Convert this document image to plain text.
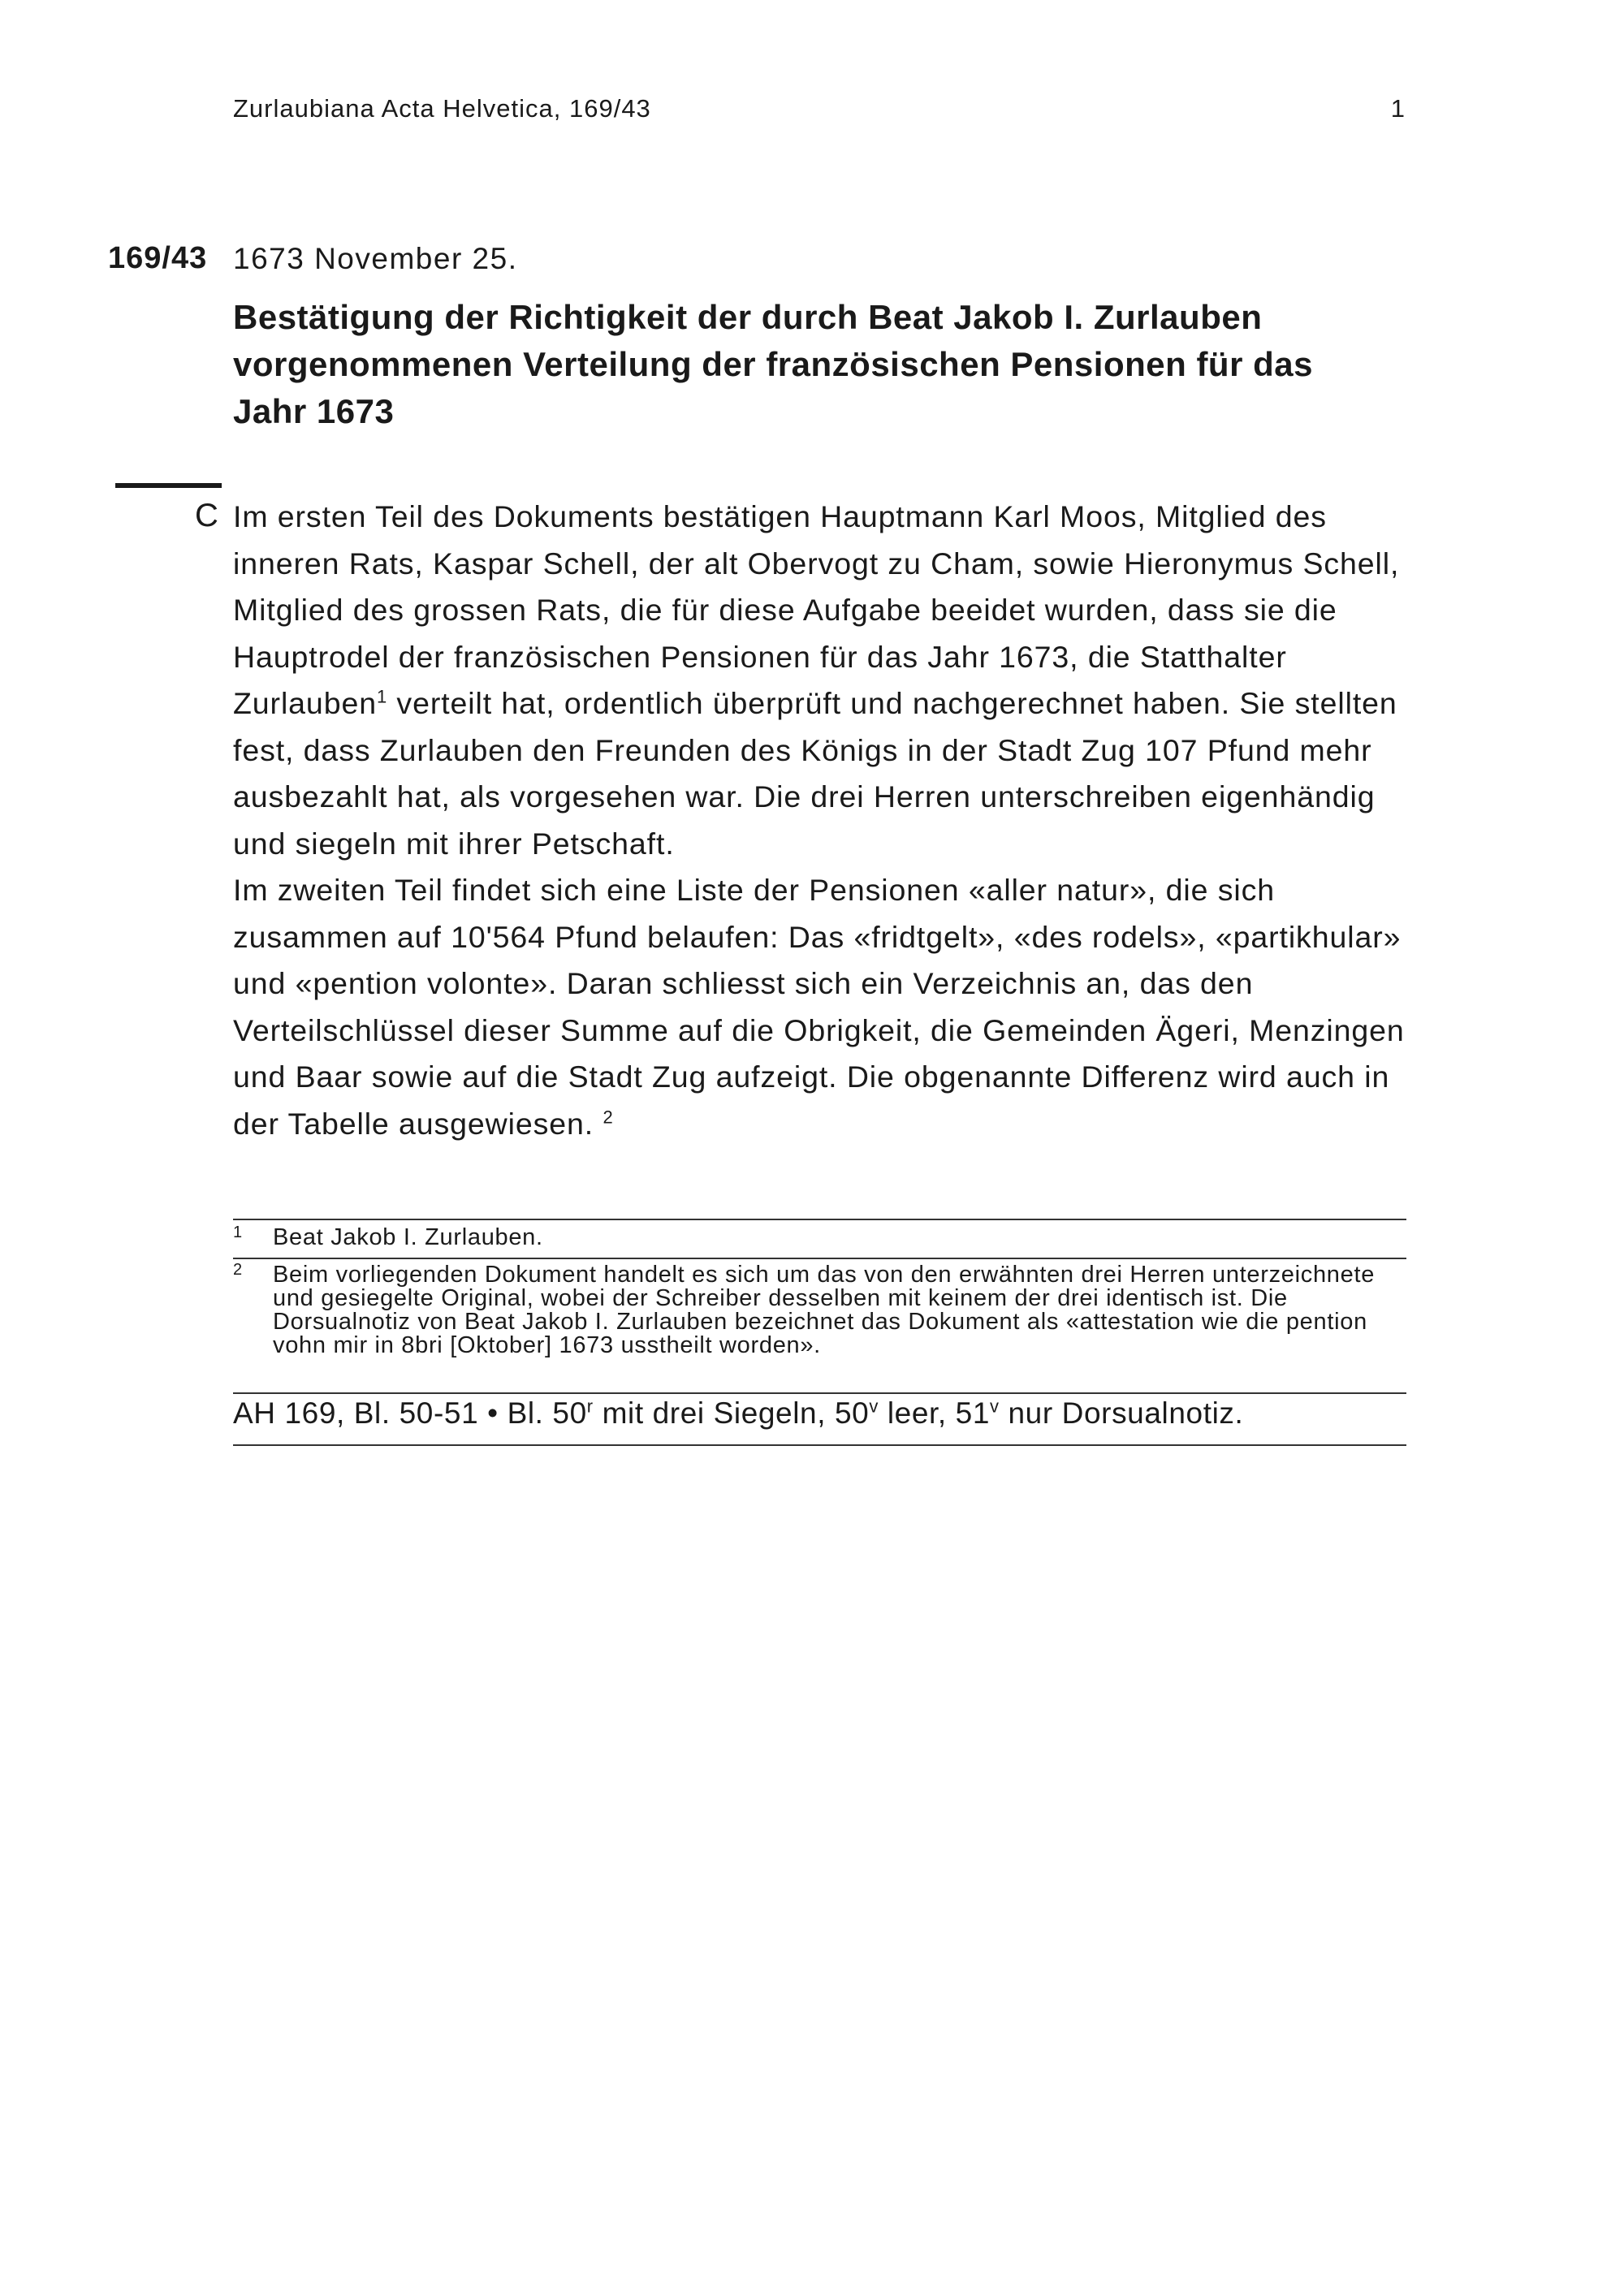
Zurlaubiana Acta Helvetica, 169/43	1
169/43 1673 November 25.
Bestätigung der Richtigkeit der durch Beat Jakob I. Zurlauben vorgenommenen Verteilung der französischen Pensionen für das Jahr 1673
C Im ersten Teil des Dokuments bestätigen Hauptmann Karl Moos, Mitglied des inneren Rats, Kaspar Schell, der alt Obervogt zu Cham, sowie Hieronymus Schell, Mitglied des grossen Rats, die für diese Aufgabe beeidet wurden, dass sie die Hauptrodel der französischen Pensionen für das Jahr 1673, die Statthalter Zurlauben$^1$ verteilt hat, ordentlich überprüft und nachgerechnet haben. Sie stellten fest, dass Zurlauben den Freunden des Königs in der Stadt Zug 107 Pfund mehr ausbezahlt hat, als vorgesehen war. Die drei Herren unterschreiben eigenhändig und siegeln mit ihrer Petschaft.

Im zweiten Teil findet sich eine Liste der Pensionen «aller natur», die sich zusammen auf 10'564 Pfund belaufen: Das «fridtgelt», «des rodels», «partikhular» und «pention volonte». Daran schliesst sich ein Verzeichnis an, das den Verteilschlüssel dieser Summe auf die Obrigkeit, die Gemeinden Ägeri, Menzingen und Baar sowie auf die Stadt Zug aufzeigt. Die obgenannte Differenz wird auch in der Tabelle ausgewiesen. $^2$

1 Beat Jakob I. Zurlauben.
2 Beim vorliegenden Dokument handelt es sich um das von den erwähnten drei Herren unterzeichnete und gesiegelte Original, wobei der Schreiber desselben mit keinem der drei identisch ist. Die Dorsualnotiz von Beat Jakob I. Zurlauben bezeichnet das Dokument als «attestation wie die pention vohn mir in 8bri [Oktober] 1673 usstheilt worden».
AH 169, Bl. 50-51 • Bl. 50$^r$ mit drei Siegeln, 50$^v$ leer, 51$^v$ nur Dorsualnotiz.
